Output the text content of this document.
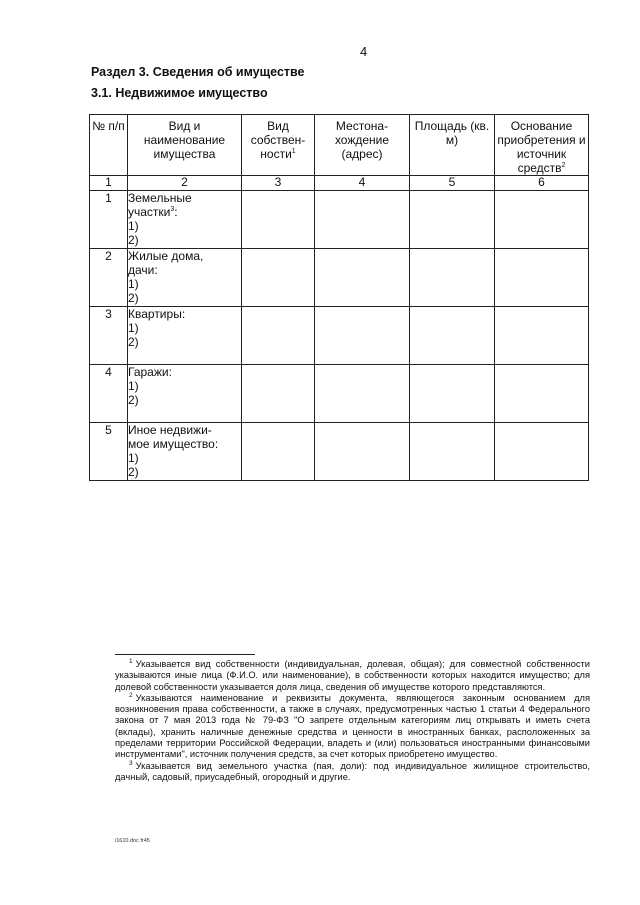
4
Раздел 3. Сведения об имуществе
3.1. Недвижимое имущество
№ п/п	Вид и наименование имущества	Вид собствен-ности$^1$	Местона-хождение (адрес)	Площадь (кв. м)	Основание приобретения и источник средств$^2$
1	2	3	4	5	6
1	Земельные
участки$^3$:
1)
2)				

2	Жилые дома,
дачи:
1)
2)				

3	Квартиры:
1)
2)				

4	Гаражи:
1)
2)				

5	Иное недвижи-
мое имущество:
1)
2)				

$^1$ Указывается вид собственности (индивидуальная, долевая, общая); для совместной собственности указываются иные лица (Ф.И.О. или наименование), в собственности которых находится имущество; для долевой собственности указывается доля лица, сведения об имуществе которого представляются.

$^2$ Указываются наименование и реквизиты документа, являющегося законным основанием для возникновения права собственности, а также в случаях, предусмотренных частью 1 статьи 4 Федерального закона от 7 мая 2013 года № 79-ФЗ "О запрете отдельным категориям лиц открывать и иметь счета (вклады), хранить наличные денежные средства и ценности в иностранных банках, расположенных за пределами территории Российской Федерации, владеть и (или) пользоваться иностранными финансовыми инструментами", источник получения средств, за счет которых приобретено имущество.

$^3$ Указывается вид земельного участка (пая, доли): под индивидуальное жилищное строительство, дачный, садовый, приусадебный, огородный и другие.

i1610.doc fr45
